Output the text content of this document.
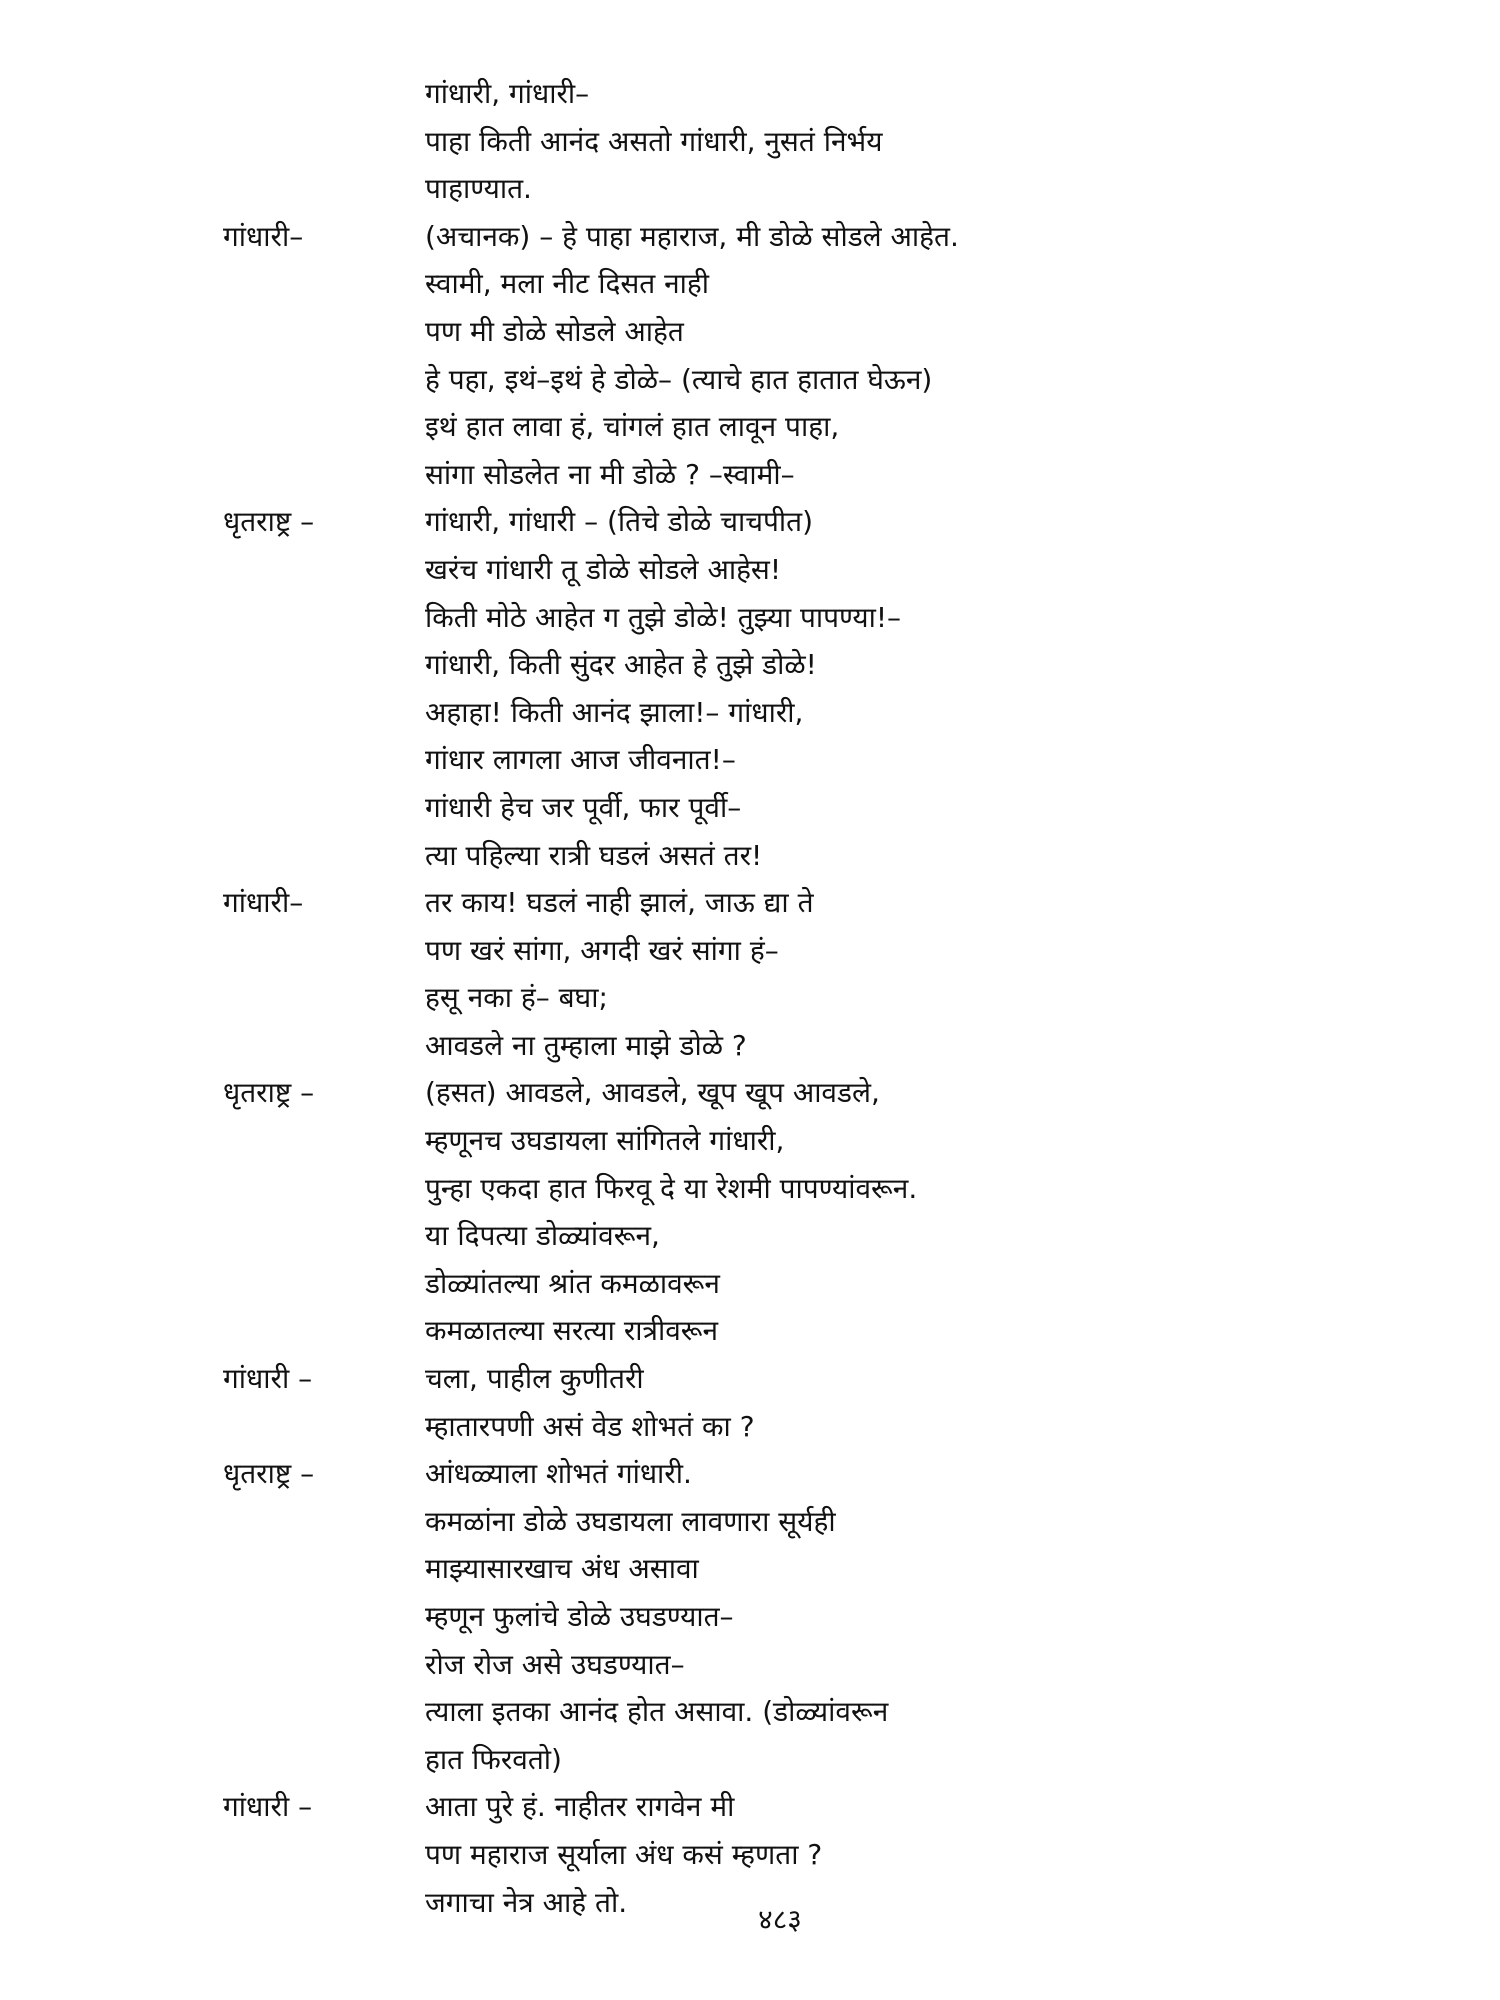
गांधारी, गांधारी–
पाहा किती आनंद असतो गांधारी, नुसतं निर्भय
पाहाण्यात.
गांधारी–	(अचानक) – हे पाहा महाराज, मी डोळे सोडले आहेत.
स्वामी, मला नीट दिसत नाही
पण मी डोळे सोडले आहेत
हे पहा, इथं–इथं हे डोळे– (त्याचे हात हातात घेऊन)
इथं हात लावा हं, चांगलं हात लावून पाहा,
सांगा सोडलेत ना मी डोळे ? –स्वामी–
धृतराष्ट्र –	गांधारी, गांधारी – (तिचे डोळे चाचपीत)
खरंच गांधारी तू डोळे सोडले आहेस!
किती मोठे आहेत ग तुझे डोळे! तुझ्या पापण्या!–
गांधारी, किती सुंदर आहेत हे तुझे डोळे!
अहाहा! किती आनंद झाला!– गांधारी,
गांधार लागला आज जीवनात!–
गांधारी हेच जर पूर्वी, फार पूर्वी–
त्या पहिल्या रात्री घडलं असतं तर!
गांधारी–	तर काय! घडलं नाही झालं, जाऊ द्या ते
पण खरं सांगा, अगदी खरं सांगा हं–
हसू नका हं– बघा;
आवडले ना तुम्हाला माझे डोळे ?
धृतराष्ट्र –	(हसत) आवडले, आवडले, खूप खूप आवडले,
म्हणूनच उघडायला सांगितले गांधारी,
पुन्हा एकदा हात फिरवू दे या रेशमी पापण्यांवरून.
या दिपत्या डोळ्यांवरून,
डोळ्यांतल्या श्रांत कमळावरून
कमळातल्या सरत्या रात्रीवरून
गांधारी –	चला, पाहील कुणीतरी
म्हातारपणी असं वेड शोभतं का ?
धृतराष्ट्र –	आंधळ्याला शोभतं गांधारी.
कमळांना डोळे उघडायला लावणारा सूर्यही
माझ्यासारखाच अंध असावा
म्हणून फुलांचे डोळे उघडण्यात–
रोज रोज असे उघडण्यात–
त्याला इतका आनंद होत असावा. (डोळ्यांवरून
हात फिरवतो)
गांधारी –	आता पुरे हं. नाहीतर रागवेन मी
पण महाराज सूर्याला अंध कसं म्हणता ?
जगाचा नेत्र आहे तो.
४८३
